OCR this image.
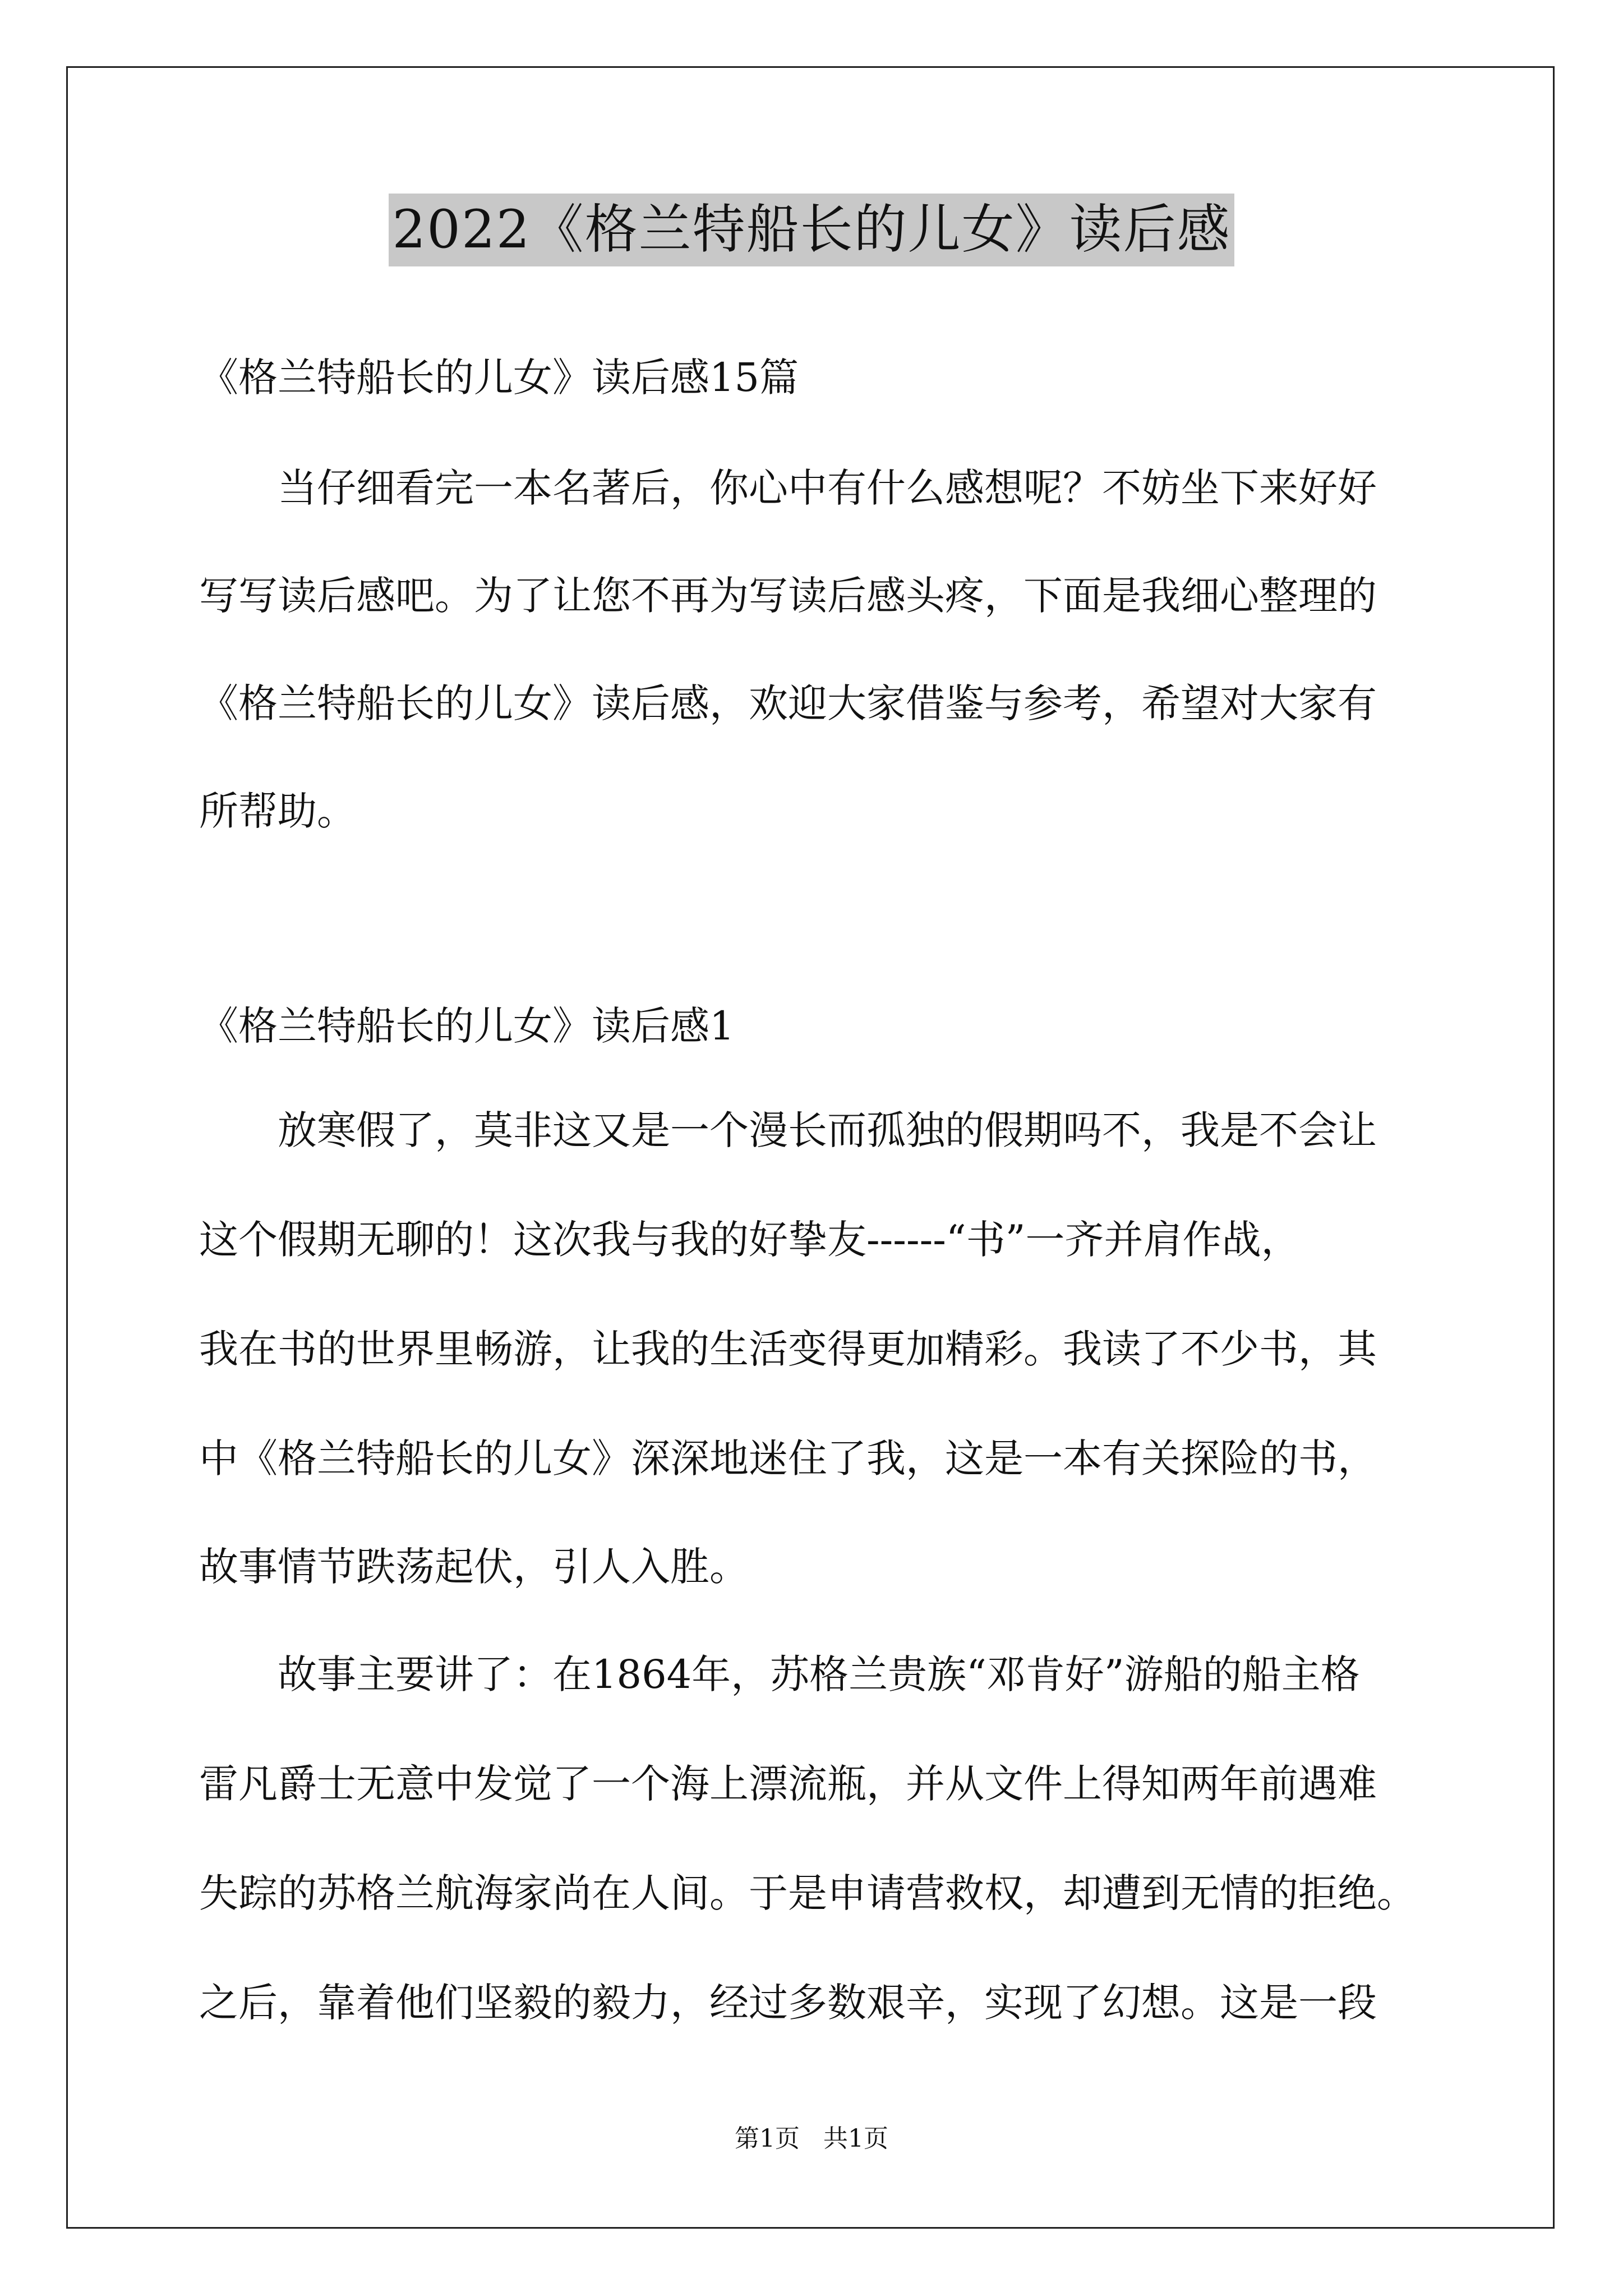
2022《格兰特船长的儿女》读后感
《格兰特船长的儿女》读后感15篇
当仔细看完一本名著后，你心中有什么感想呢？不妨坐下来好好
写写读后感吧。为了让您不再为写读后感头疼，下面是我细心整理的
《格兰特船长的儿女》读后感，欢迎大家借鉴与参考，希望对大家有
所帮助。
《格兰特船长的儿女》读后感1
放寒假了，莫非这又是一个漫长而孤独的假期吗不，我是不会让
这个假期无聊的！这次我与我的好挚友------“书”一齐并肩作战，
我在书的世界里畅游，让我的生活变得更加精彩。我读了不少书，其
中《格兰特船长的儿女》深深地迷住了我，这是一本有关探险的书，
故事情节跌荡起伏，引人入胜。
故事主要讲了：在1864年，苏格兰贵族“邓肯好”游船的船主格
雷凡爵士无意中发觉了一个海上漂流瓶，并从文件上得知两年前遇难
失踪的苏格兰航海家尚在人间。于是申请营救权，却遭到无情的拒绝。
之后，靠着他们坚毅的毅力，经过多数艰辛，实现了幻想。这是一段
第1页   共1页
